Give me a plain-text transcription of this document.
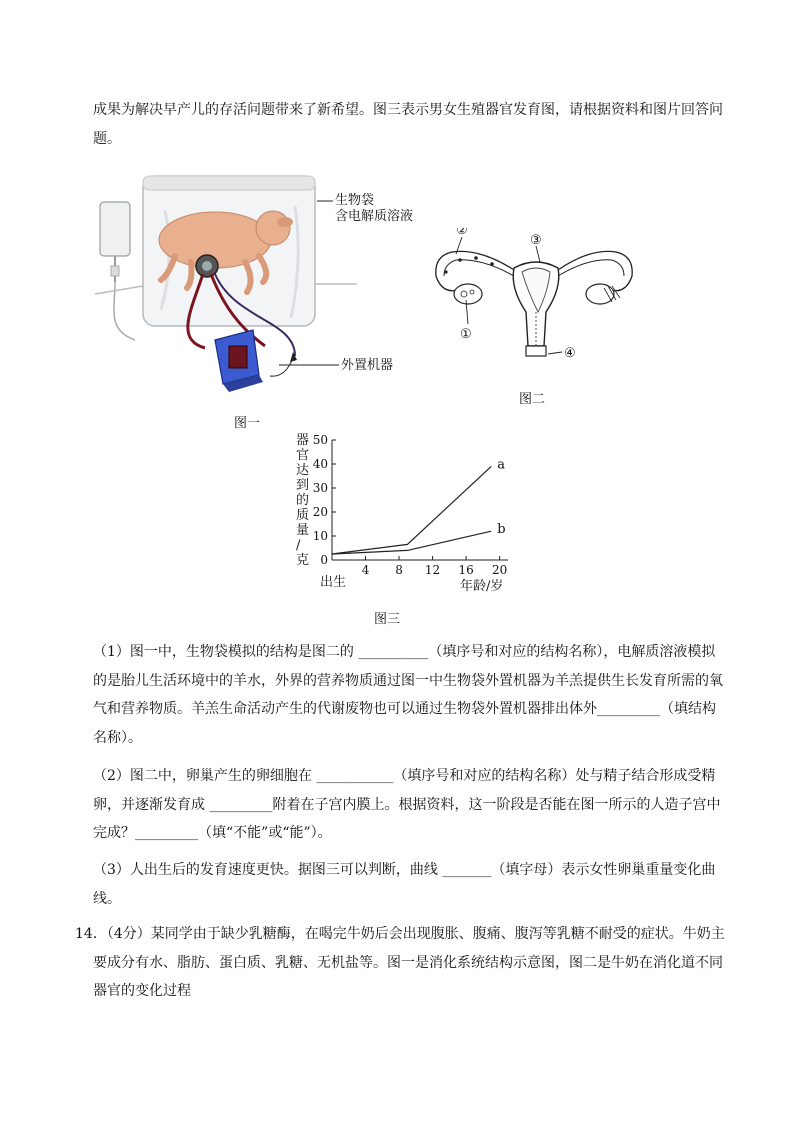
成果为解决早产儿的存活问题带来了新希望。图三表示男女生殖器官发育图，请根据资料和图片回答问
题。
生物袋
含电解质溶液
外置机器
图一
②
③
①
④
图二
器
官
达
到
的
质
量
/
克 0
10
20
30
40
50
4 8 12 16 20
a
b
出生	年龄/岁
图三
（1）图一中，生物袋模拟的结构是图二的 __________（填序号和对应的结构名称），电解质溶液模拟
的是胎儿生活环境中的羊水，外界的营养物质通过图一中生物袋外置机器为羊羔提供生长发育所需的氧
气和营养物质。羊羔生命活动产生的代谢废物也可以通过生物袋外置机器排出体外_________（填结构
名称）。
（2）图二中，卵巢产生的卵细胞在 ___________（填序号和对应的结构名称）处与精子结合形成受精
卵，并逐渐发育成 _________附着在子宫内膜上。根据资料，这一阶段是否能在图一所示的人造子宫中
完成？_________（填“不能”或“能”）。
（3）人出生后的发育速度更快。据图三可以判断，曲线 _______（填字母）表示女性卵巢重量变化曲
线。
14．（4分）某同学由于缺少乳糖酶，在喝完牛奶后会出现腹胀、腹痛、腹泻等乳糖不耐受的症状。牛奶主
要成分有水、脂肪、蛋白质、乳糖、无机盐等。图一是消化系统结构示意图，图二是牛奶在消化道不同
器官的变化过程
